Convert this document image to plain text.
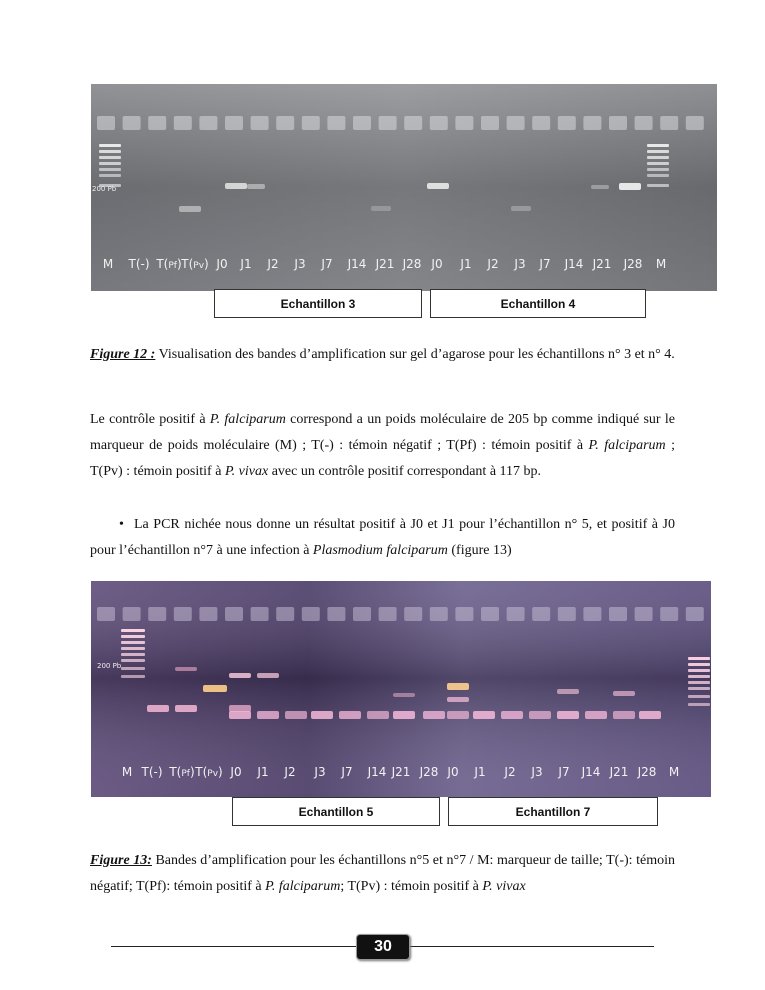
200 Pb
M T(-) T(Pf) T(Pv) J0 J1 J2 J3 J7 J14 J21 J28 J0 J1 J2 J3 J7 J14 J21 J28 M
Echantillon 3	Echantillon 4
Figure 12 : Visualisation des bandes d’amplification sur gel d’agarose pour les échantillons n° 3 et n° 4.
Le contrôle positif à P. falciparum correspond a un poids moléculaire de 205 bp comme indiqué sur le marqueur de poids moléculaire (M) ; T(-) : témoin négatif ; T(Pf) : témoin positif à P. falciparum ; T(Pv) : témoin positif à P. vivax avec un contrôle positif correspondant à 117 bp.
• La PCR nichée nous donne un résultat positif à J0 et J1 pour l’échantillon n° 5, et positif à J0 pour l’échantillon n°7 à une infection à Plasmodium falciparum (figure 13)
200 Pb
M T(-) T(Pf) T(Pv) J0 J1 J2 J3 J7 J14 J21 J28 J0 J1 J2 J3 J7 J14 J21 J28 M
Echantillon 5	Echantillon 7
Figure 13: Bandes d’amplification pour les échantillons n°5 et n°7 / M: marqueur de taille; T(-): témoin négatif; T(Pf): témoin positif à P. falciparum; T(Pv) : témoin positif à P. vivax
30
